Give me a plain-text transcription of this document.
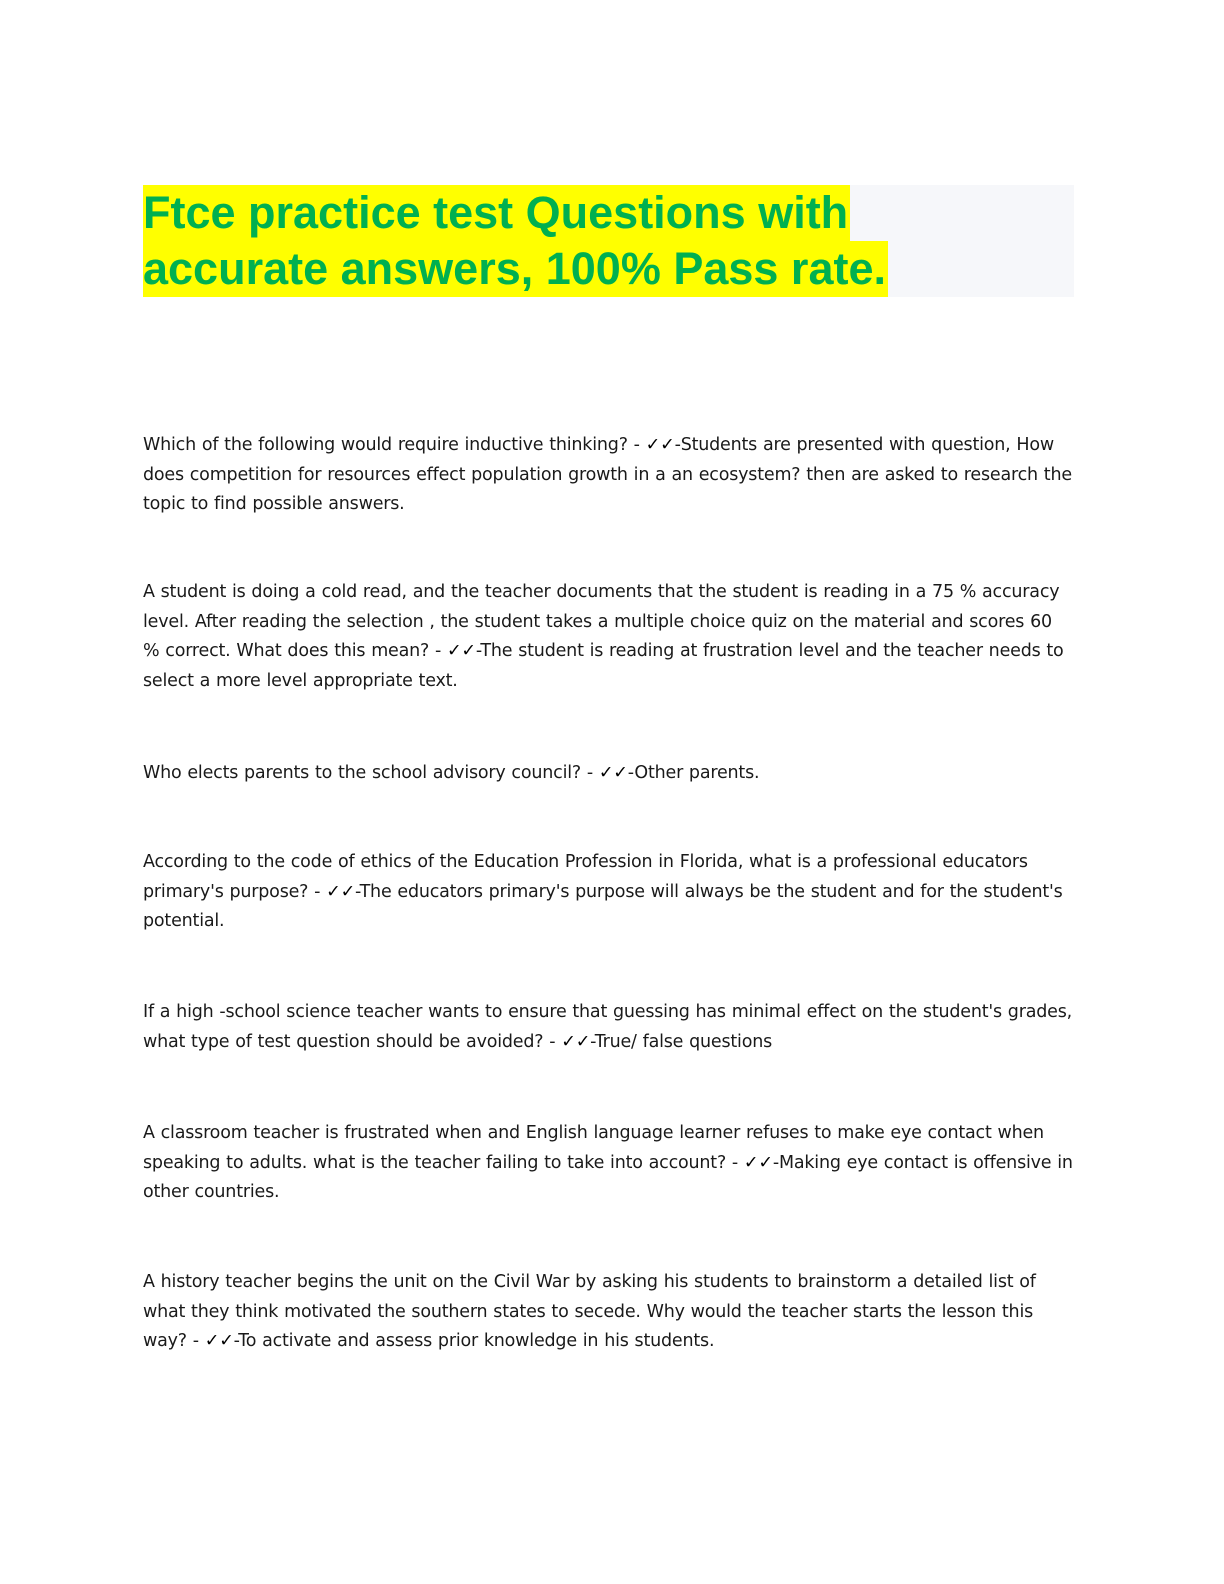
Ftce practice test Questions with
accurate answers, 100% Pass rate.

Which of the following would require inductive thinking? - ✓✓-Students are presented with question, How does competition for resources effect population growth in a an ecosystem? then are asked to research the topic to find possible answers.

A student is doing a cold read, and the teacher documents that the student is reading in a 75 % accuracy level. After reading the selection , the student takes a multiple choice quiz on the material and scores 60 % correct. What does this mean? - ✓✓-The student is reading at frustration level and the teacher needs to select a more level appropriate text.

Who elects parents to the school advisory council? - ✓✓-Other parents.

According to the code of ethics of the Education Profession in Florida, what is a professional educators primary's purpose? - ✓✓-The educators primary's purpose will always be the student and for the student's potential.

If a high -school science teacher wants to ensure that guessing has minimal effect on the student's grades, what type of test question should be avoided? - ✓✓-True/ false questions

A classroom teacher is frustrated when and English language learner refuses to make eye contact when speaking to adults. what is the teacher failing to take into account? - ✓✓-Making eye contact is offensive in other countries.

A history teacher begins the unit on the Civil War by asking his students to brainstorm a detailed list of what they think motivated the southern states to secede. Why would the teacher starts the lesson this way? - ✓✓-To activate and assess prior knowledge in his students.
